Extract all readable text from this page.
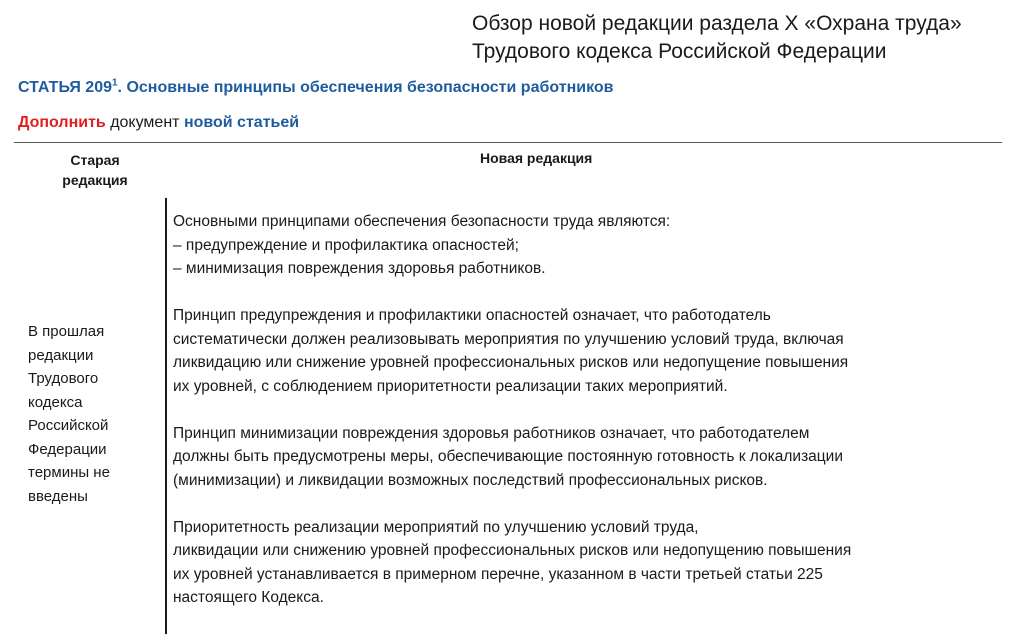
Обзор новой редакции раздела Х «Охрана труда»
Трудового кодекса Российской Федерации
СТАТЬЯ $209^1$. Основные принципы обеспечения безопасности работников
Дополнить документ новой статьей
Старая редакция
Новая редакция
В прошлая редакции Трудового кодекса Российской Федерации термины не введены
Основными принципами обеспечения безопасности труда являются:
– предупреждение и профилактика опасностей;
– минимизация повреждения здоровья работников.
Принцип предупреждения и профилактики опасностей означает, что работодатель
систематически должен реализовывать мероприятия по улучшению условий труда, включая
ликвидацию или снижение уровней профессиональных рисков или недопущение повышения
их уровней, с соблюдением приоритетности реализации таких мероприятий.
Принцип минимизации повреждения здоровья работников означает, что работодателем
должны быть предусмотрены меры, обеспечивающие постоянную готовность к локализации
(минимизации) и ликвидации возможных последствий профессиональных рисков.
Приоритетность реализации мероприятий по улучшению условий труда,
ликвидации или снижению уровней профессиональных рисков или недопущению повышения
их уровней устанавливается в примерном перечне, указанном в части третьей статьи 225
настоящего Кодекса.
